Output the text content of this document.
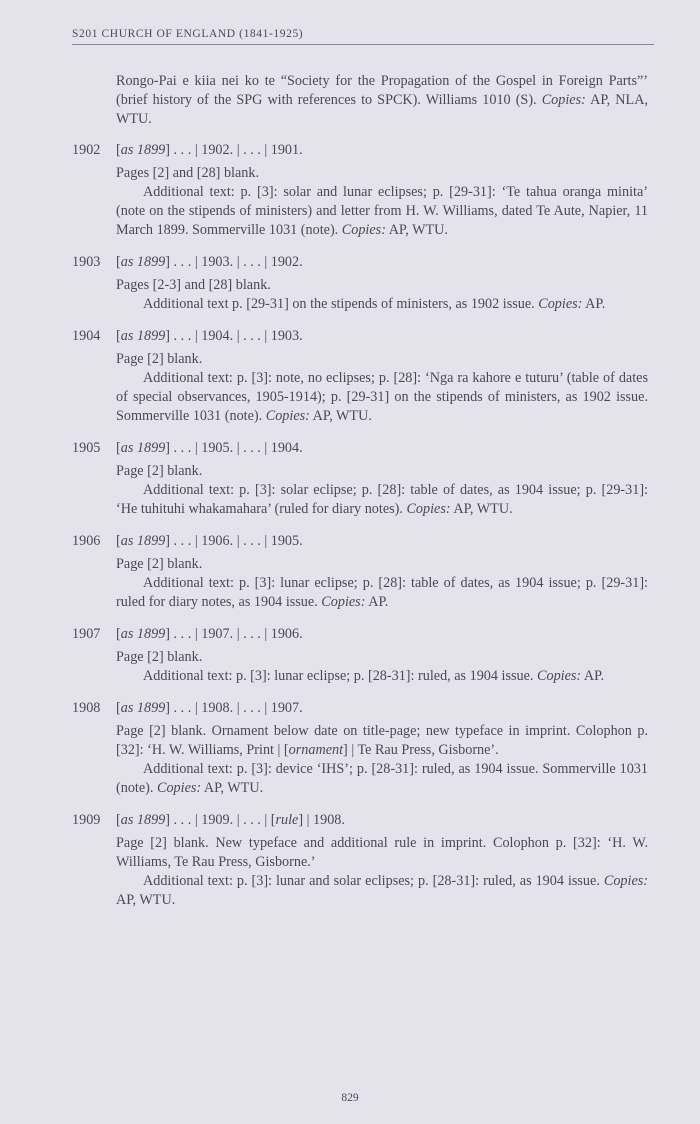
S201 CHURCH OF ENGLAND (1841-1925)

Rongo-Pai e kiia nei ko te “Society for the Propagation of the Gospel in Foreign Parts”’ (brief history of the SPG with references to SPCK). Williams 1010 (S). Copies: AP, NLA, WTU.

1902 [as 1899] . . . | 1902. | . . . | 1901.

Pages [2] and [28] blank.

Additional text: p. [3]: solar and lunar eclipses; p. [29-31]: ‘Te tahua oranga minita’ (note on the stipends of ministers) and letter from H. W. Williams, dated Te Aute, Napier, 11 March 1899. Sommerville 1031 (note). Copies: AP, WTU.

1903 [as 1899] . . . | 1903. | . . . | 1902.

Pages [2-3] and [28] blank.

Additional text p. [29-31] on the stipends of ministers, as 1902 issue. Copies: AP.

1904 [as 1899] . . . | 1904. | . . . | 1903.

Page [2] blank.

Additional text: p. [3]: note, no eclipses; p. [28]: ‘Nga ra kahore e tuturu’ (table of dates of special observances, 1905-1914); p. [29-31] on the stipends of ministers, as 1902 issue. Sommerville 1031 (note). Copies: AP, WTU.

1905 [as 1899] . . . | 1905. | . . . | 1904.

Page [2] blank.

Additional text: p. [3]: solar eclipse; p. [28]: table of dates, as 1904 issue; p. [29-31]: ‘He tuhituhi whakamahara’ (ruled for diary notes). Copies: AP, WTU.

1906 [as 1899] . . . | 1906. | . . . | 1905.

Page [2] blank.

Additional text: p. [3]: lunar eclipse; p. [28]: table of dates, as 1904 issue; p. [29-31]: ruled for diary notes, as 1904 issue. Copies: AP.

1907 [as 1899] . . . | 1907. | . . . | 1906.

Page [2] blank.

Additional text: p. [3]: lunar eclipse; p. [28-31]: ruled, as 1904 issue. Copies: AP.

1908 [as 1899] . . . | 1908. | . . . | 1907.

Page [2] blank. Ornament below date on title-page; new typeface in imprint. Colophon p. [32]: ‘H. W. Williams, Print | [ornament] | Te Rau Press, Gisborne’.

Additional text: p. [3]: device ‘IHS’; p. [28-31]: ruled, as 1904 issue. Sommerville 1031 (note). Copies: AP, WTU.

1909 [as 1899] . . . | 1909. | . . . | [rule] | 1908.

Page [2] blank. New typeface and additional rule in imprint. Colophon p. [32]: ‘H. W. Williams, Te Rau Press, Gisborne.’

Additional text: p. [3]: lunar and solar eclipses; p. [28-31]: ruled, as 1904 issue. Copies: AP, WTU.

829
